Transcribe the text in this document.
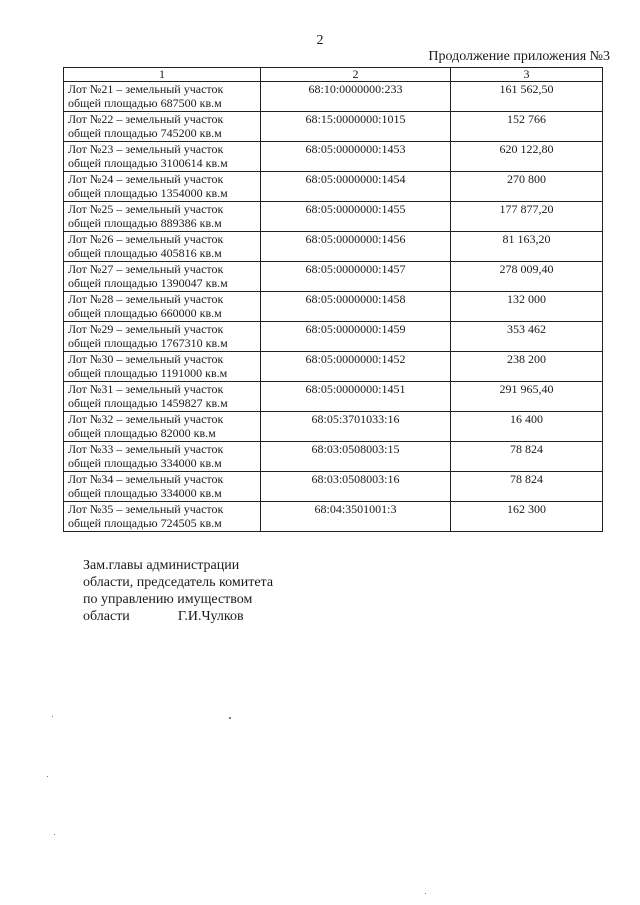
2
Продолжение приложения №3
1	2	3

Лот №21 – земельный участок
общей площадью 687500 кв.м	68:10:0000000:233	161 562,50

Лот №22 – земельный участок
общей площадью 745200 кв.м	68:15:0000000:1015	152 766

Лот №23 – земельный участок
общей площадью 3100614 кв.м	68:05:0000000:1453	620 122,80

Лот №24 – земельный участок
общей площадью 1354000 кв.м	68:05:0000000:1454	270 800

Лот №25 – земельный участок
общей площадью 889386 кв.м	68:05:0000000:1455	177 877,20

Лот №26 – земельный участок
общей площадью 405816 кв.м	68:05:0000000:1456	81 163,20

Лот №27 – земельный участок
общей площадью 1390047 кв.м	68:05:0000000:1457	278 009,40

Лот №28 – земельный участок
общей площадью 660000 кв.м	68:05:0000000:1458	132 000

Лот №29 – земельный участок
общей площадью 1767310 кв.м	68:05:0000000:1459	353 462

Лот №30 – земельный участок
общей площадью 1191000 кв.м	68:05:0000000:1452	238 200

Лот №31 – земельный участок
общей площадью 1459827 кв.м	68:05:0000000:1451	291 965,40

Лот №32 – земельный участок
общей площадью 82000 кв.м	68:05:3701033:16	16 400

Лот №33 – земельный участок
общей площадью 334000 кв.м	68:03:0508003:15	78 824

Лот №34 – земельный участок
общей площадью 334000 кв.м	68:03:0508003:16	78 824

Лот №35 – земельный участок
общей площадью 724505 кв.м	68:04:3501001:3	162 300
Зам.главы администрации
области, председатель комитета
по управлению имуществом
области	Г.И.Чулков
